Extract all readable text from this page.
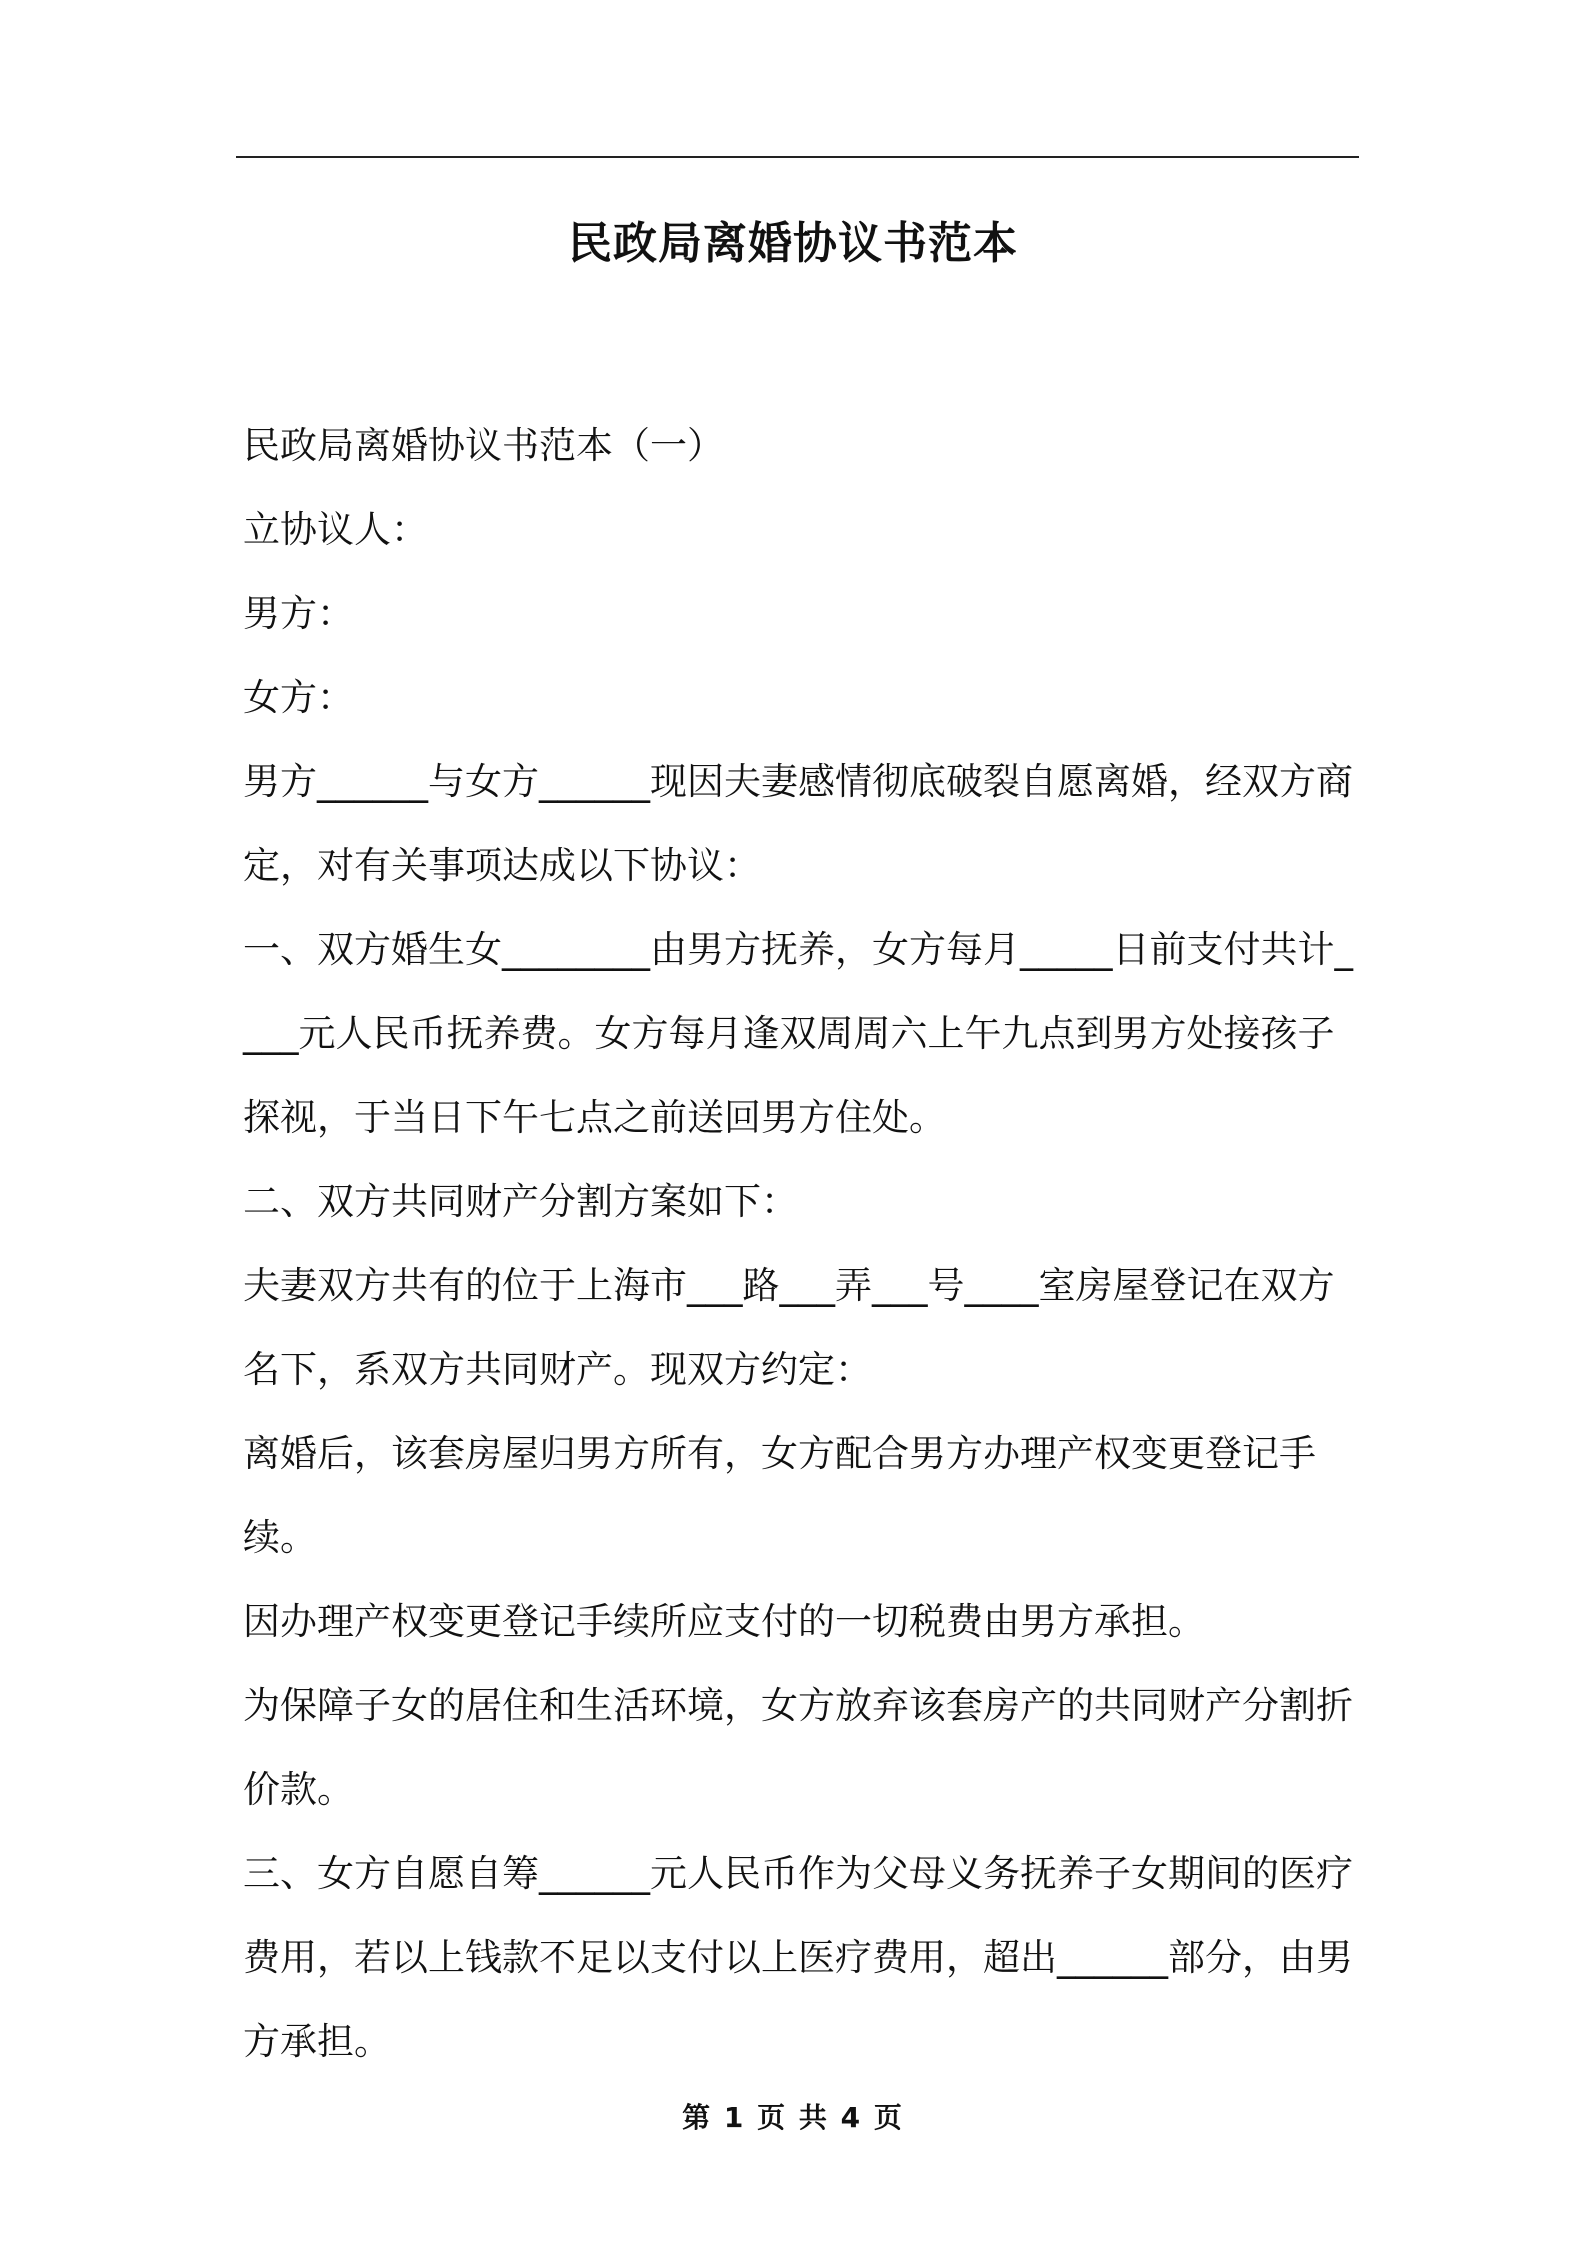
民政局离婚协议书范本

民政局离婚协议书范本（一）

立协议人：

男方：

女方：

男方______与女方______现因夫妻感情彻底破裂自愿离婚，经双方商定，对有关事项达成以下协议：

一、双方婚生女________由男方抚养，女方每月_____日前支付共计____元人民币抚养费。女方每月逢双周周六上午九点到男方处接孩子探视，于当日下午七点之前送回男方住处。

二、双方共同财产分割方案如下：

夫妻双方共有的位于上海市___路___弄___号____室房屋登记在双方名下，系双方共同财产。现双方约定：

离婚后，该套房屋归男方所有，女方配合男方办理产权变更登记手续。

因办理产权变更登记手续所应支付的一切税费由男方承担。

为保障子女的居住和生活环境，女方放弃该套房产的共同财产分割折价款。

三、女方自愿自筹______元人民币作为父母义务抚养子女期间的医疗费用，若以上钱款不足以支付以上医疗费用，超出______部分，由男方承担。

第 1 页 共 4 页
